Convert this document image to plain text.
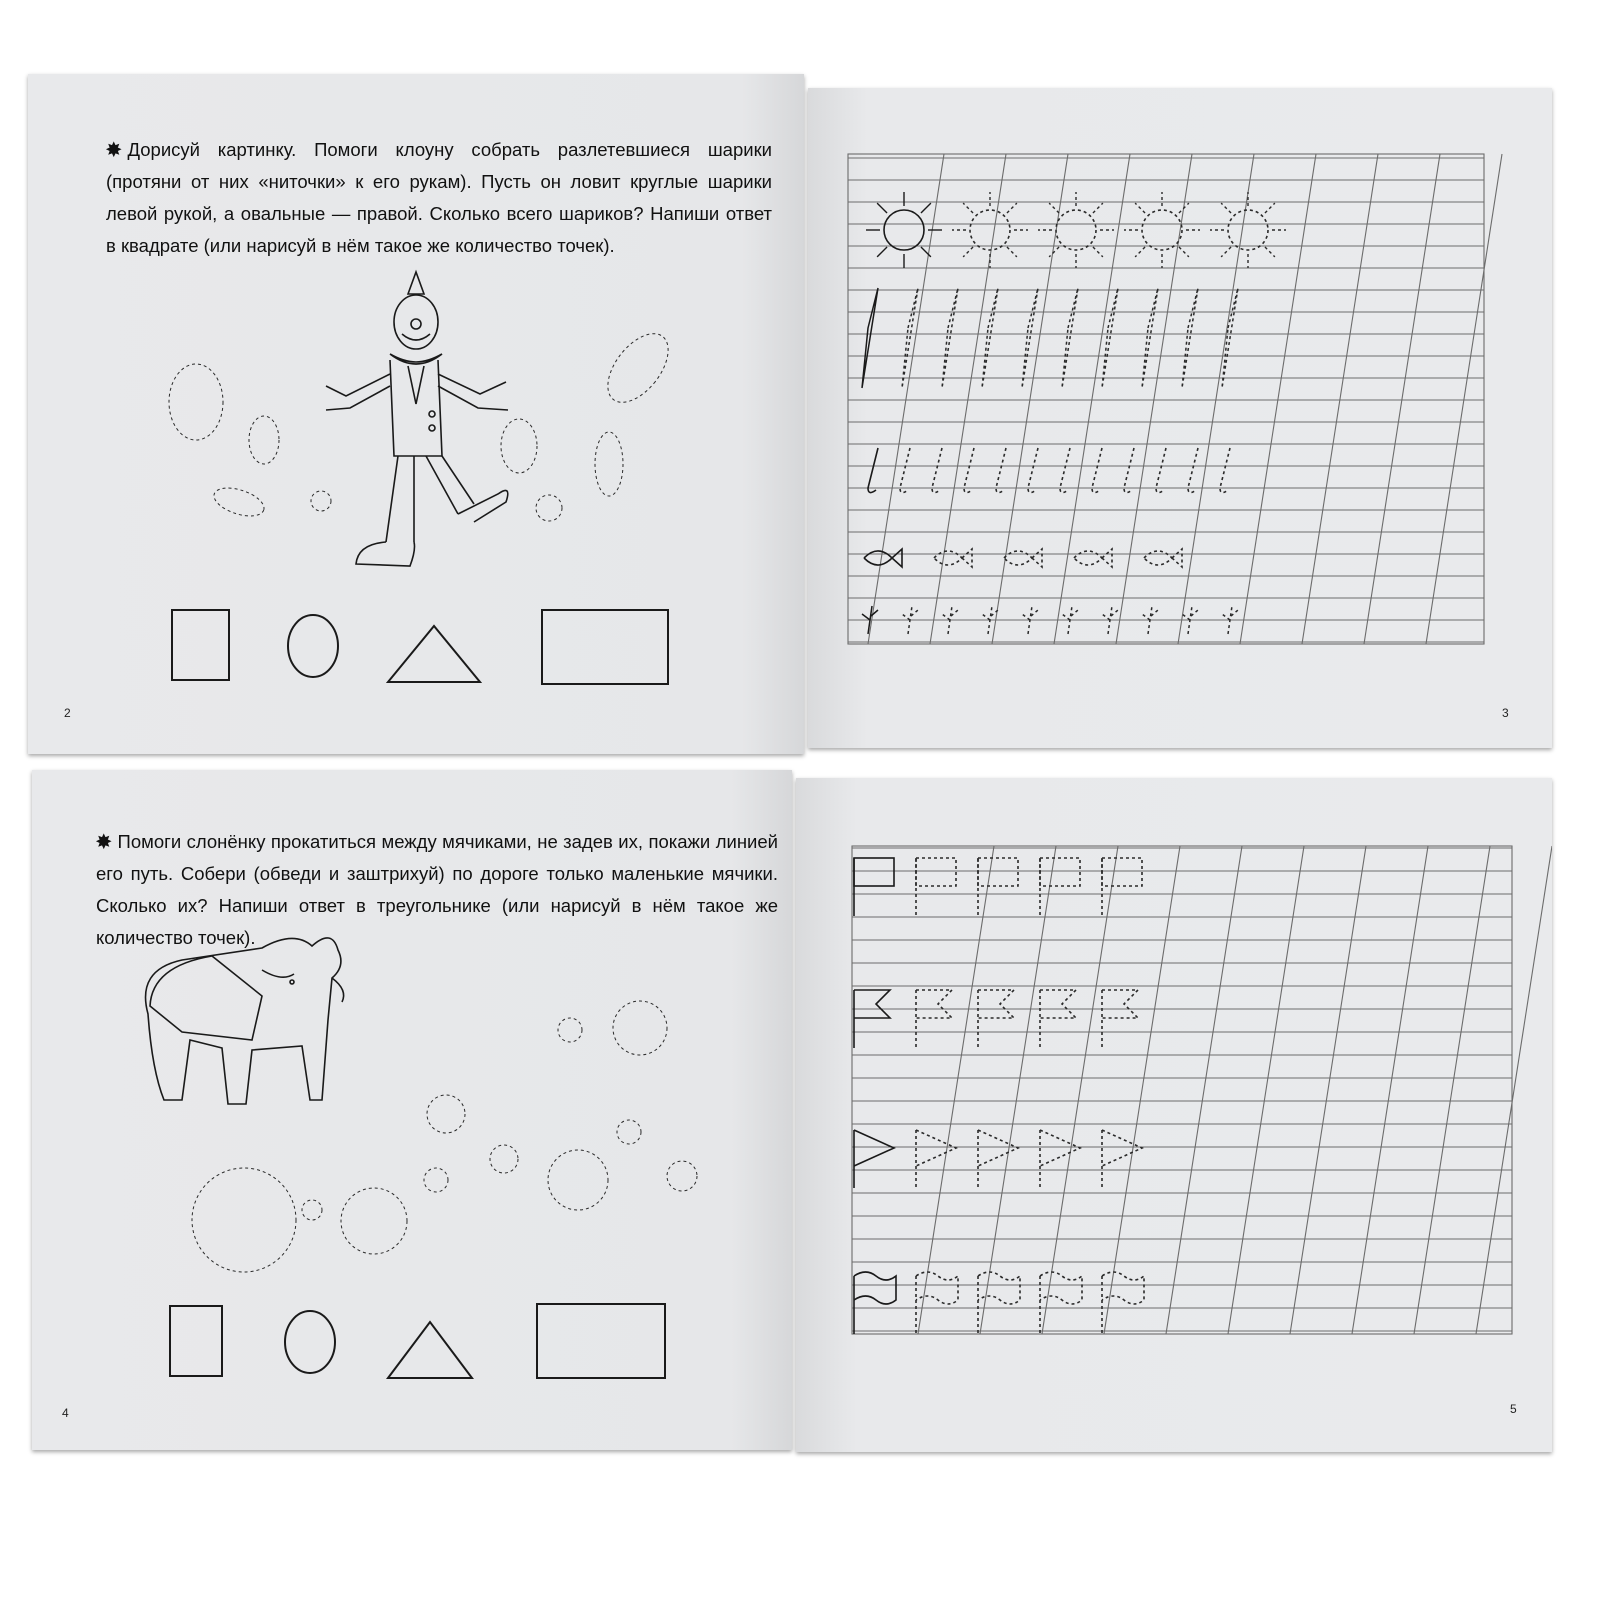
✸ Дорисуй картинку. Помоги клоуну собрать разлетевшиеся шарики (протяни от них «ниточки» к его рукам). Пусть он ловит круглые шарики левой рукой, а овальные — правой. Сколько всего шариков? Напиши ответ в квадрате (или нарисуй в нём такое же количество точек).
2	3
✸ Помоги слонёнку прокатиться между мячиками, не задев их, покажи линией его путь. Собери (обведи и заштрихуй) по дороге только маленькие мячики. Сколько их? Напиши ответ в треугольнике (или нарисуй в нём такое же количество точек).
4	5
